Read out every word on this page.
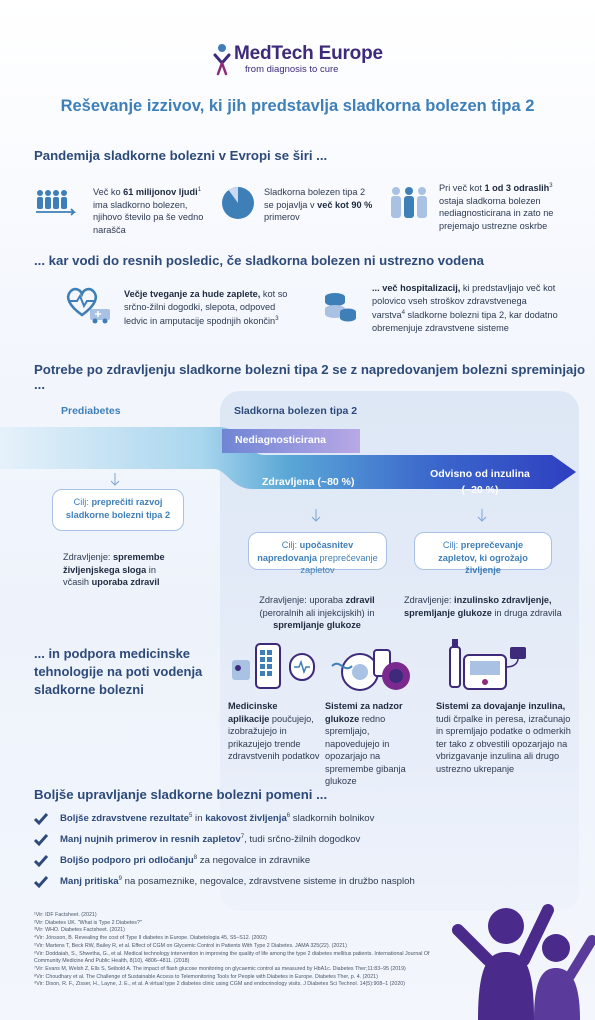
MedTech Europe
from diagnosis to cure
Reševanje izzivov, ki jih predstavlja sladkorna bolezen tipa 2
Pandemija sladkorne bolezni v Evropi se širi ...
Več ko 61 milijonov ljudi$^1$ ima sladkorno bolezen, njihovo število pa še vedno narašča
Sladkorna bolezen tipa 2 se pojavlja v več kot 90 % primerov
Pri več kot 1 od 3 odraslih$^3$ ostaja sladkorna bolezen nediagnosticirana in zato ne prejemajo ustrezne oskrbe
... kar vodi do resnih posledic, če sladkorna bolezen ni ustrezno vodena
Večje tveganje za hude zaplete, kot so srčno-žilni dogodki, slepota, odpoved ledvic in amputacije spodnjih okončin$^3$
... več hospitalizacij, ki predstavljajo več kot polovico vseh stroškov zdravstvenega varstva$^4$ sladkorne bolezni tipa 2, kar dodatno obremenjuje zdravstvene sisteme
Potrebe po zdravljenju sladkorne bolezni tipa 2 se z napredovanjem bolezni spreminjajo ...
Prediabetes	Sladkorna bolezen tipa 2
Nediagnosticirana
Zdravljena (~80 %)
Odvisno od inzulina (~20 %)
Cilj: preprečiti razvoj sladkorne bolezni tipa 2
Cilj: upočasnitev napredovanja preprečevanje zapletov
Cilj: preprečevanje zapletov, ki ogrožajo življenje
Zdravljenje: spremembe življenjskega sloga in včasih uporaba zdravil
Zdravljenje: uporaba zdravil (peroralnih ali injekcijskih) in spremljanje glukoze
Zdravljenje: inzulinsko zdravljenje, spremljanje glukoze in druga zdravila
... in podpora medicinske tehnologije na poti vodenja sladkorne bolezni
Medicinske aplikacije poučujejo, izobražujejo in prikazujejo trende zdravstvenih podatkov
Sistemi za nadzor glukoze redno spremljajo, napovedujejo in opozarjajo na spremembe gibanja glukoze
Sistemi za dovajanje inzulina, tudi črpalke in peresa, izračunajo in spremljajo podatke o odmerkih ter tako z obvestili opozarjajo na vbrizgavanje inzulina ali drugo ustrezno ukrepanje
Boljše upravljanje sladkorne bolezni pomeni ...
Boljše zdravstvene rezultate$^5$ in kakovost življenja$^6$ sladkornih bolnikov
Manj nujnih primerov in resnih zapletov$^7$, tudi srčno-žilnih dogodkov
Boljšo podporo pri odločanju$^8$ za negovalce in zdravnike
Manj pritiska$^9$ na posameznike, negovalce, zdravstvene sisteme in družbo nasploh
¹Vir: IDF Factsheet. (2021)
²Vir: Diabetes UK. "What is Type 2 Diabetes?"
³Vir: WHO. Diabetes Factsheet. (2021)
⁴Vir: Jönsson, B. Revealing the cost of Type II diabetes in Europe. Diabetologia 45, S5–S12. (2002)
⁵Vir: Martens T, Beck RW, Bailey R, et al. Effect of CGM on Glycemic Control in Patients With Type 2 Diabetes. JAMA 325(22). (2021)
⁶Vir: Doddaiah, S., Shwetha, G., et al. Medical technology intervention in improving the quality of life among the type 2 diabetes mellitus patients. International Journal Of Community Medicine And Public Health, 8(10), 4806–4811. (2018)
⁷Vir: Evans M, Welsh Z, Ells S, Seibold A. The impact of flash glucose monitoring on glycaemic control as measured by HbA1c. Diabetes Ther;11:83–95 (2019)
⁸Vir: Choudhary et al. The Challenge of Sustainable Access to Telemonitoring Tools for People with Diabetes in Europe. Diabetes Ther, p. 4. (2021)
⁹Vir: Dixon, R. F., Zisser, H., Layne, J. E., et al. A virtual type 2 diabetes clinic using CGM and endocrinology visits. J Diabetes Sci Technol. 14(5):908–1 (2020)
